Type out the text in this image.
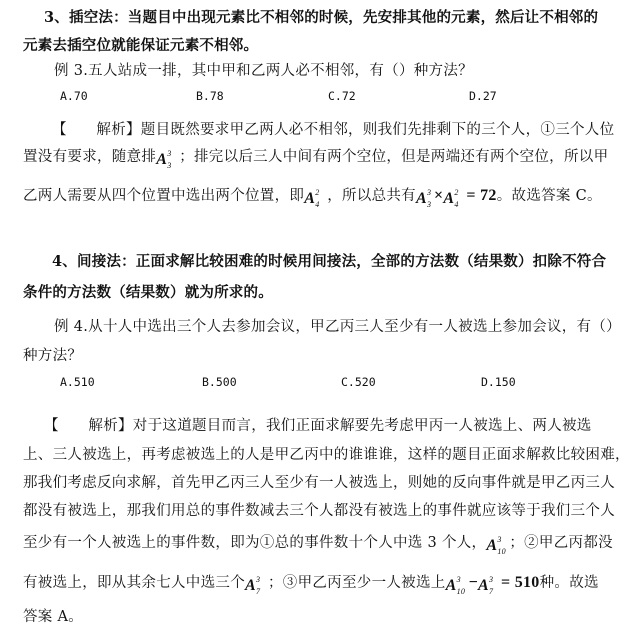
3、插空法：当题目中出现元素比不相邻的时候，先安排其他的元素，然后让不相邻的
元素去插空位就能保证元素不相邻。
例 3.五人站成一排，其中甲和乙两人必不相邻，有（）种方法？
A.70	B.78	C.72	D.27
【　　解析】题目既然要求甲乙两人必不相邻，则我们先排剩下的三个人，①三个人位
置没有要求，随意排A 3
3
；排完以后三人中间有两个空位，但是两端还有两个空位，所以甲
乙两人需要从四个位置中选出两个位置，即A 2
4
，所以总共有A 3
3
×A 2
4
= 72。故选答案 C。
4、间接法：正面求解比较困难的时候用间接法，全部的方法数（结果数）扣除不符合
条件的方法数（结果数）就为所求的。
例 4.从十人中选出三个人去参加会议，甲乙丙三人至少有一人被选上参加会议，有（）
种方法？
A.510	B.500	C.520	D.150
【　　解析】对于这道题目而言，我们正面求解要先考虑甲丙一人被选上、两人被选
上、三人被选上，再考虑被选上的人是甲乙丙中的谁谁谁，这样的题目正面求解救比较困难，
那我们考虑反向求解，首先甲乙丙三人至少有一人被选上，则她的反向事件就是甲乙丙三人
都没有被选上，那我们用总的事件数减去三个人都没有被选上的事件就应该等于我们三个人
至少有一个人被选上的事件数，即为①总的事件数十个人中选 3 个人，A 3
10
；②甲乙丙都没
有被选上，即从其余七人中选三个A 3
7
；③甲乙丙至少一人被选上A 3
10
−A 3
7
= 510种。故选
答案 A。
